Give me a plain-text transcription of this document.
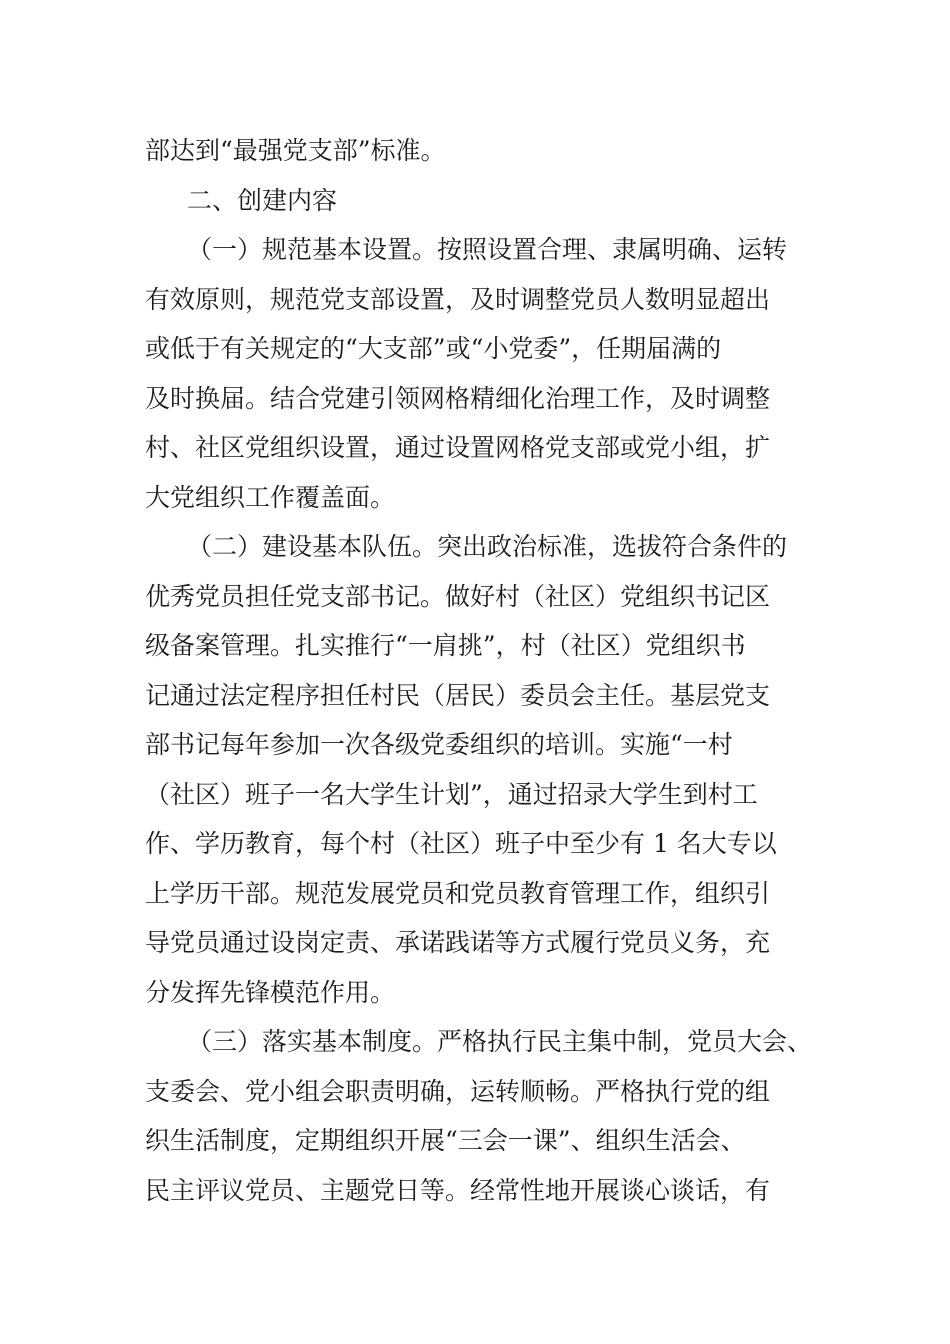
部达到“最强党支部”标准。
二、创建内容
（一）规范基本设置。按照设置合理、隶属明确、运转
有效原则，规范党支部设置，及时调整党员人数明显超出
或低于有关规定的“大支部”或“小党委”，任期届满的
及时换届。结合党建引领网格精细化治理工作，及时调整
村、社区党组织设置，通过设置网格党支部或党小组，扩
大党组织工作覆盖面。
（二）建设基本队伍。突出政治标准，选拔符合条件的
优秀党员担任党支部书记。做好村（社区）党组织书记区
级备案管理。扎实推行“一肩挑”，村（社区）党组织书
记通过法定程序担任村民（居民）委员会主任。基层党支
部书记每年参加一次各级党委组织的培训。实施“一村
（社区）班子一名大学生计划”，通过招录大学生到村工
作、学历教育，每个村（社区）班子中至少有 1 名大专以
上学历干部。规范发展党员和党员教育管理工作，组织引
导党员通过设岗定责、承诺践诺等方式履行党员义务，充
分发挥先锋模范作用。
（三）落实基本制度。严格执行民主集中制，党员大会、
支委会、党小组会职责明确，运转顺畅。严格执行党的组
织生活制度，定期组织开展“三会一课”、组织生活会、
民主评议党员、主题党日等。经常性地开展谈心谈话，有
